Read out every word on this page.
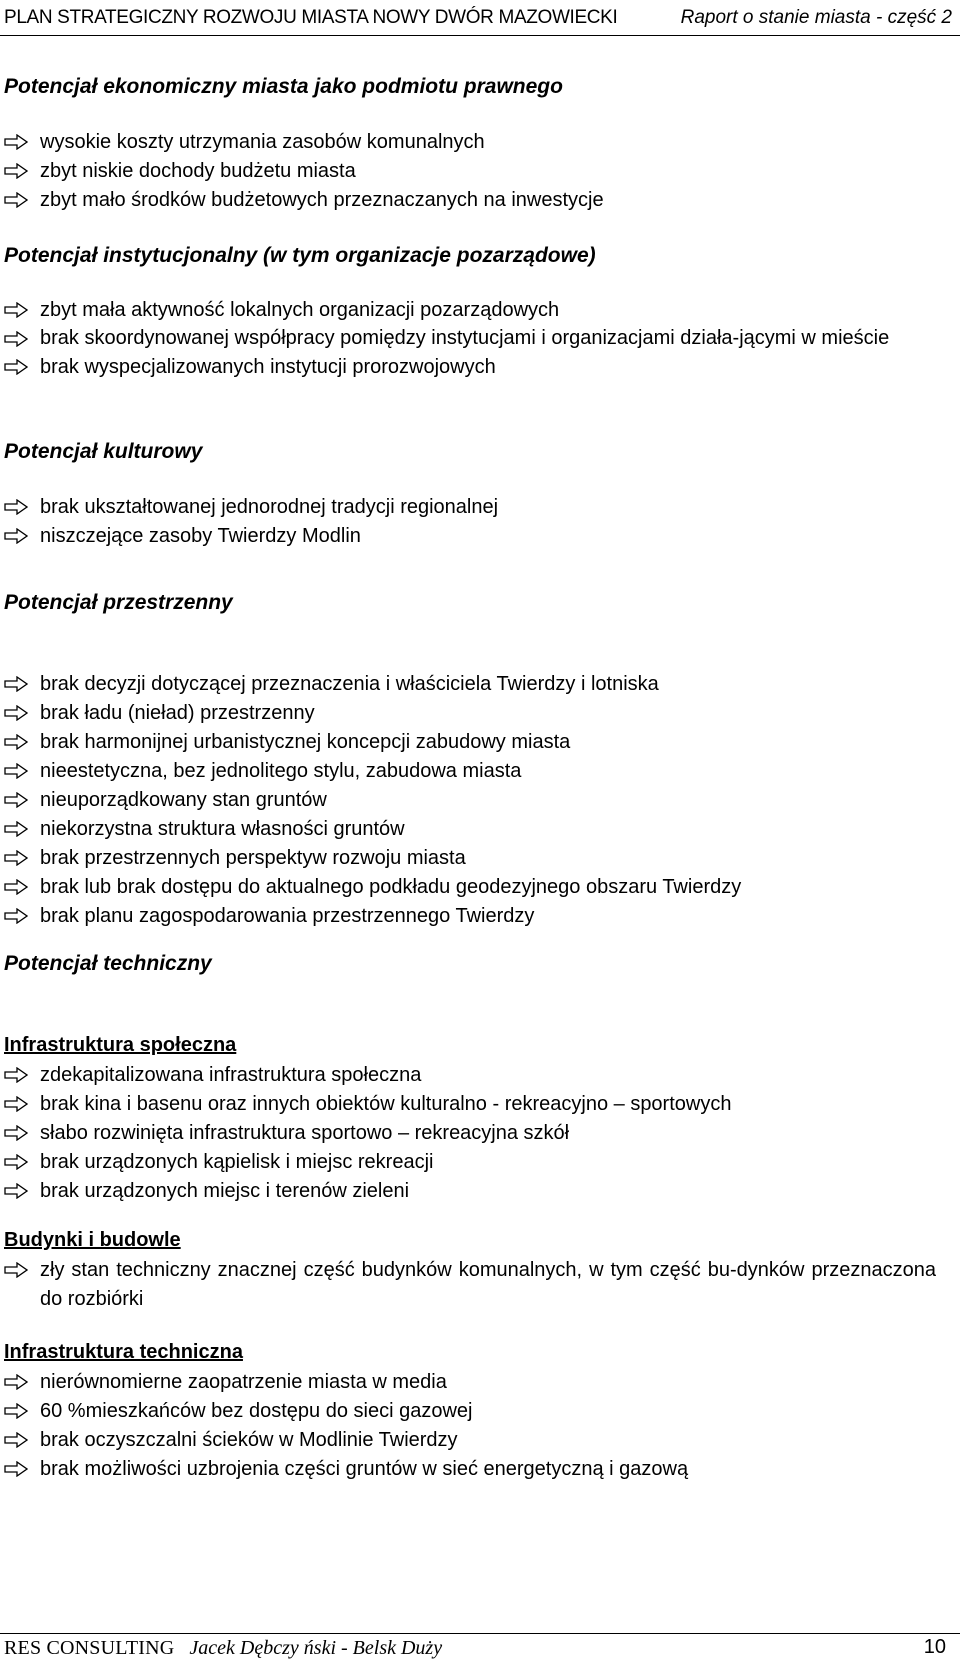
PLAN STRATEGICZNY ROZWOJU MIASTA NOWY DWÓR MAZOWIECKI	Raport o stanie miasta - część 2
Potencjał ekonomiczny miasta jako podmiotu prawnego
wysokie koszty utrzymania zasobów komunalnych
zbyt niskie dochody budżetu miasta
zbyt mało środków budżetowych przeznaczanych na inwestycje
Potencjał instytucjonalny (w tym organizacje pozarządowe)
zbyt mała aktywność lokalnych organizacji pozarządowych
brak skoordynowanej współpracy pomiędzy instytucjami i organizacjami działa-jącymi w mieście
brak wyspecjalizowanych instytucji prorozwojowych
Potencjał kulturowy
brak ukształtowanej jednorodnej tradycji regionalnej
niszczejące zasoby Twierdzy Modlin
Potencjał przestrzenny
brak decyzji dotyczącej przeznaczenia i właściciela Twierdzy i lotniska
brak ładu (nieład) przestrzenny
brak harmonijnej urbanistycznej koncepcji zabudowy miasta
nieestetyczna, bez jednolitego stylu, zabudowa miasta
nieuporządkowany stan gruntów
niekorzystna struktura własności gruntów
brak przestrzennych perspektyw rozwoju miasta
brak lub brak dostępu do aktualnego podkładu geodezyjnego obszaru Twierdzy
brak planu zagospodarowania przestrzennego Twierdzy
Potencjał techniczny
Infrastruktura społeczna
zdekapitalizowana infrastruktura społeczna
brak kina i basenu oraz innych obiektów kulturalno - rekreacyjno – sportowych
słabo rozwinięta infrastruktura sportowo – rekreacyjna szkół
brak urządzonych kąpielisk i miejsc rekreacji
brak urządzonych miejsc i terenów zieleni
Budynki i budowle
zły stan techniczny znacznej część budynków komunalnych, w tym część bu-dynków przeznaczona do rozbiórki
Infrastruktura techniczna
nierównomierne zaopatrzenie miasta w media
60 %mieszkańców bez dostępu do sieci gazowej
brak oczyszczalni ścieków w Modlinie Twierdzy
brak możliwości uzbrojenia części gruntów w sieć energetyczną i gazową
RES CONSULTING Jacek Dębczy ński - Belsk Duży	10
